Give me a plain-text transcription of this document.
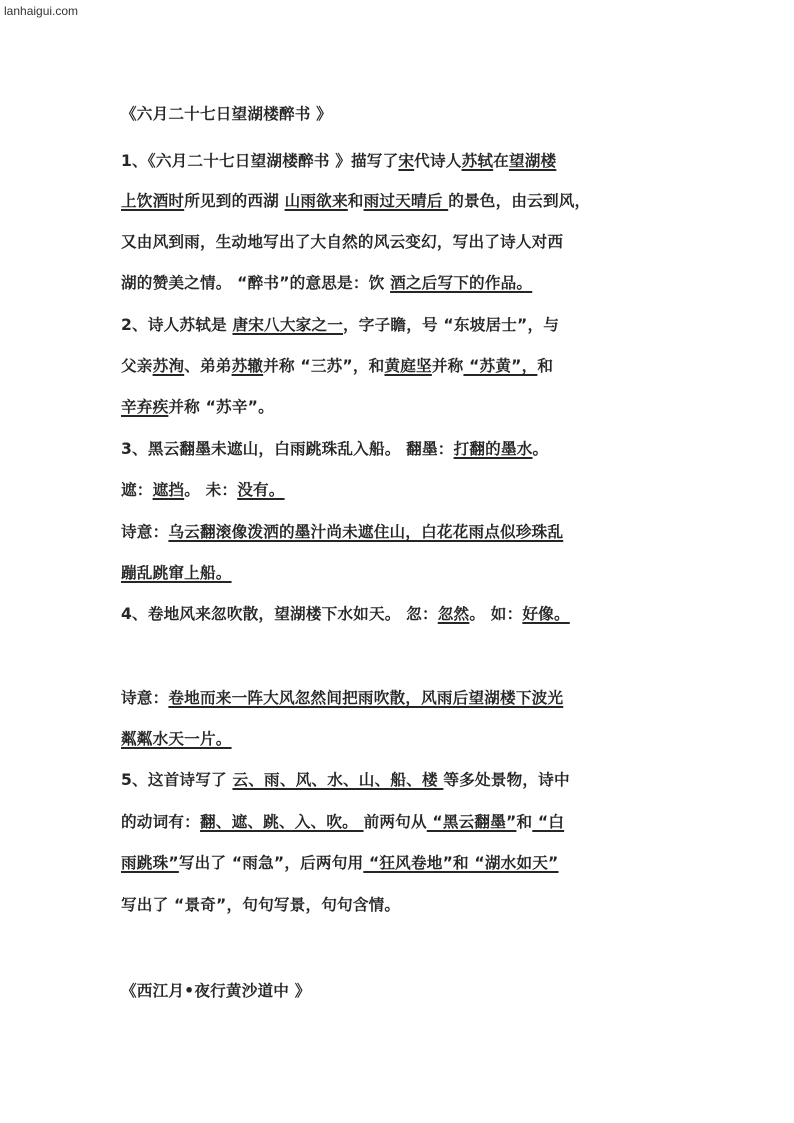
lanhaigui.com
《六月二十七日望湖楼醉书 》
1、《六月二十七日望湖楼醉书 》描写了宋代诗人苏轼在望湖楼
上饮酒时所见到的西湖 山雨欲来和雨过天晴后 的景色，由云到风，
又由风到雨，生动地写出了大自然的风云变幻，写出了诗人对西
湖的赞美之情。 “醉书”的意思是：饮 酒之后写下的作品。
2、诗人苏轼是 唐宋八大家之一，字子瞻，号 “东坡居士”，与
父亲苏洵、弟弟苏辙并称 “三苏”，和黄庭坚并称 “苏黄”，和
辛弃疾并称 “苏辛”。
3、黑云翻墨未遮山，白雨跳珠乱入船。 翻墨：打翻的墨水。
遮：遮挡。 未：没有。
诗意：乌云翻滚像泼洒的墨汁尚未遮住山，白花花雨点似珍珠乱
蹦乱跳窜上船。
4、卷地风来忽吹散，望湖楼下水如天。 忽：忽然。 如：好像。
诗意：卷地而来一阵大风忽然间把雨吹散，风雨后望湖楼下波光
粼粼水天一片。
5、这首诗写了 云、雨、风、水、山、船、楼 等多处景物，诗中
的动词有：翻、遮、跳、入、吹。 前两句从 “黑云翻墨”和 “白
雨跳珠”写出了 “雨急”，后两句用 “狂风卷地”和 “湖水如天”
写出了 “景奇”，句句写景，句句含情。
《西江月•夜行黄沙道中 》
